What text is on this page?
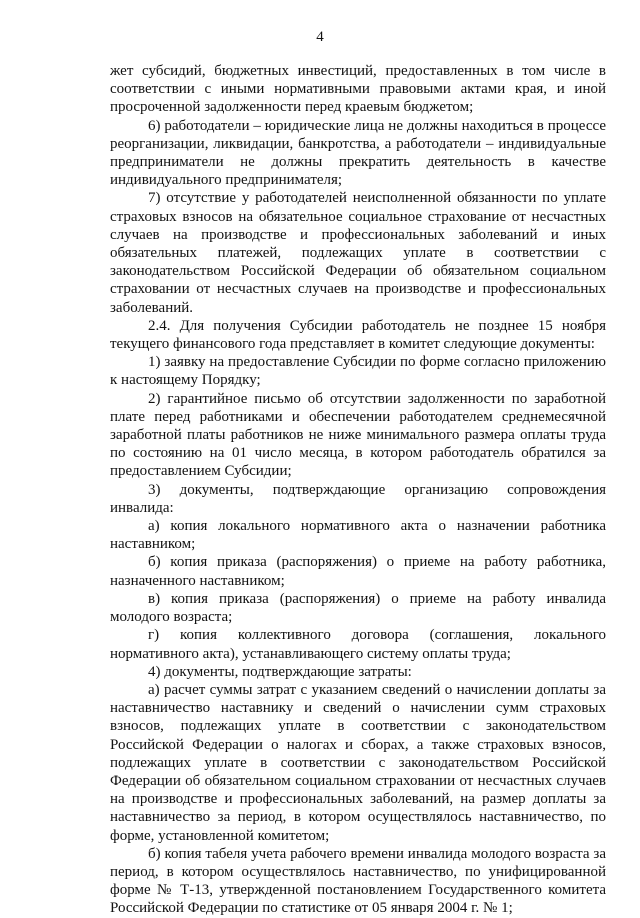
4

жет субсидий, бюджетных инвестиций, предоставленных в том числе в соответствии с иными нормативными правовыми актами края, и иной просроченной задолженности перед краевым бюджетом;

6) работодатели – юридические лица не должны находиться в процессе реорганизации, ликвидации, банкротства, а работодатели – индивидуальные предприниматели не должны прекратить деятельность в качестве индивидуального предпринимателя;

7) отсутствие у работодателей неисполненной обязанности по уплате страховых взносов на обязательное социальное страхование от несчастных случаев на производстве и профессиональных заболеваний и иных обязательных платежей, подлежащих уплате в соответствии с законодательством Российской Федерации об обязательном социальном страховании от несчастных случаев на производстве и профессиональных заболеваний.

2.4. Для получения Субсидии работодатель не позднее 15 ноября текущего финансового года представляет в комитет следующие документы:

1) заявку на предоставление Субсидии по форме согласно приложению к настоящему Порядку;

2) гарантийное письмо об отсутствии задолженности по заработной плате перед работниками и обеспечении работодателем среднемесячной заработной платы работников не ниже минимального размера оплаты труда по состоянию на 01 число месяца, в котором работодатель обратился за предоставлением Субсидии;

3) документы, подтверждающие организацию сопровождения инвалида:

а) копия локального нормативного акта о назначении работника наставником;

б) копия приказа (распоряжения) о приеме на работу работника, назначенного наставником;

в) копия приказа (распоряжения) о приеме на работу инвалида молодого возраста;

г) копия коллективного договора (соглашения, локального нормативного акта), устанавливающего систему оплаты труда;

4) документы, подтверждающие затраты:

а) расчет суммы затрат с указанием сведений о начислении доплаты за наставничество наставнику и сведений о начислении сумм страховых взносов, подлежащих уплате в соответствии с законодательством Российской Федерации о налогах и сборах, а также страховых взносов, подлежащих уплате в соответствии с законодательством Российской Федерации об обязательном социальном страховании от несчастных случаев на производстве и профессиональных заболеваний, на размер доплаты за наставничество за период, в котором осуществлялось наставничество, по форме, установленной комитетом;

б) копия табеля учета рабочего времени инвалида молодого возраста за период, в котором осуществлялось наставничество, по унифицированной форме № Т-13, утвержденной постановлением Государственного комитета Российской Федерации по статистике от 05 января 2004 г. № 1;
